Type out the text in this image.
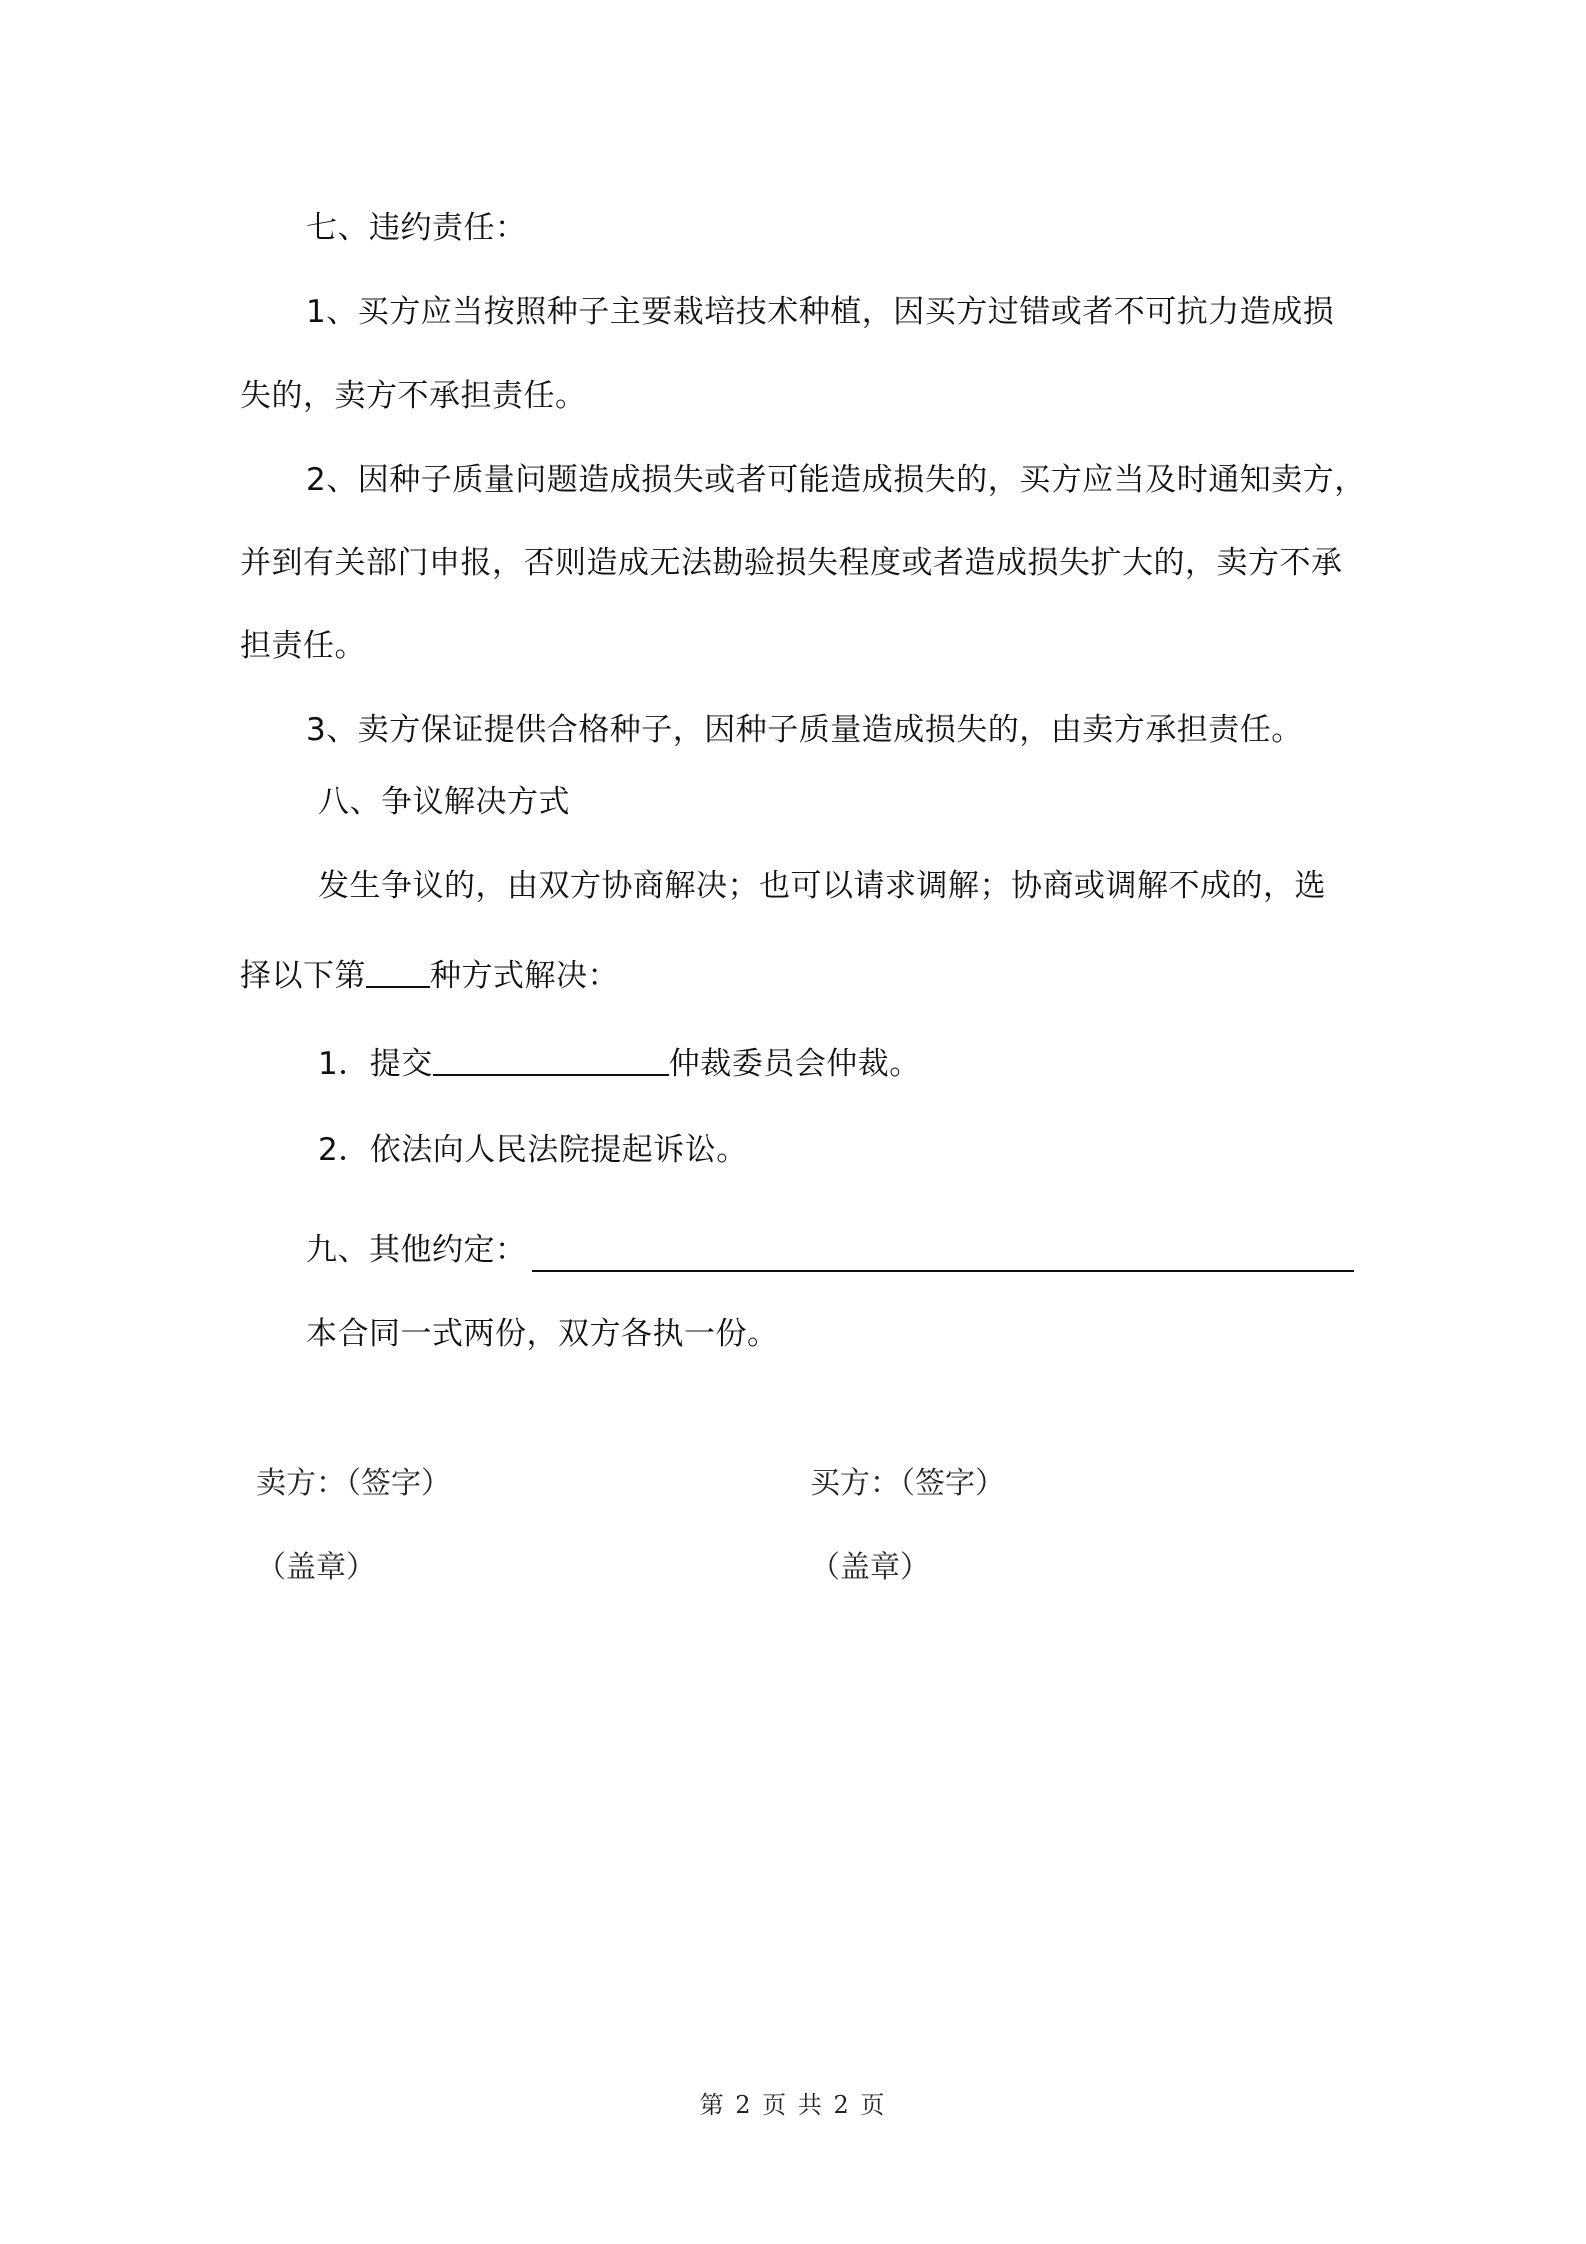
七、违约责任：
1、买方应当按照种子主要栽培技术种植，因买方过错或者不可抗力造成损
失的，卖方不承担责任。
2、因种子质量问题造成损失或者可能造成损失的，买方应当及时通知卖方，
并到有关部门申报，否则造成无法勘验损失程度或者造成损失扩大的，卖方不承
担责任。
3、卖方保证提供合格种子，因种子质量造成损失的，由卖方承担责任。
八、争议解决方式
发生争议的，由双方协商解决；也可以请求调解；协商或调解不成的，选
择以下第 种方式解决：
1．提交	仲裁委员会仲裁。
2．依法向人民法院提起诉讼。
九、其他约定：
本合同一式两份，双方各执一份。
卖方：（签字）	买方：（签字）
（盖章）	（盖章）
第 2 页 共 2 页
